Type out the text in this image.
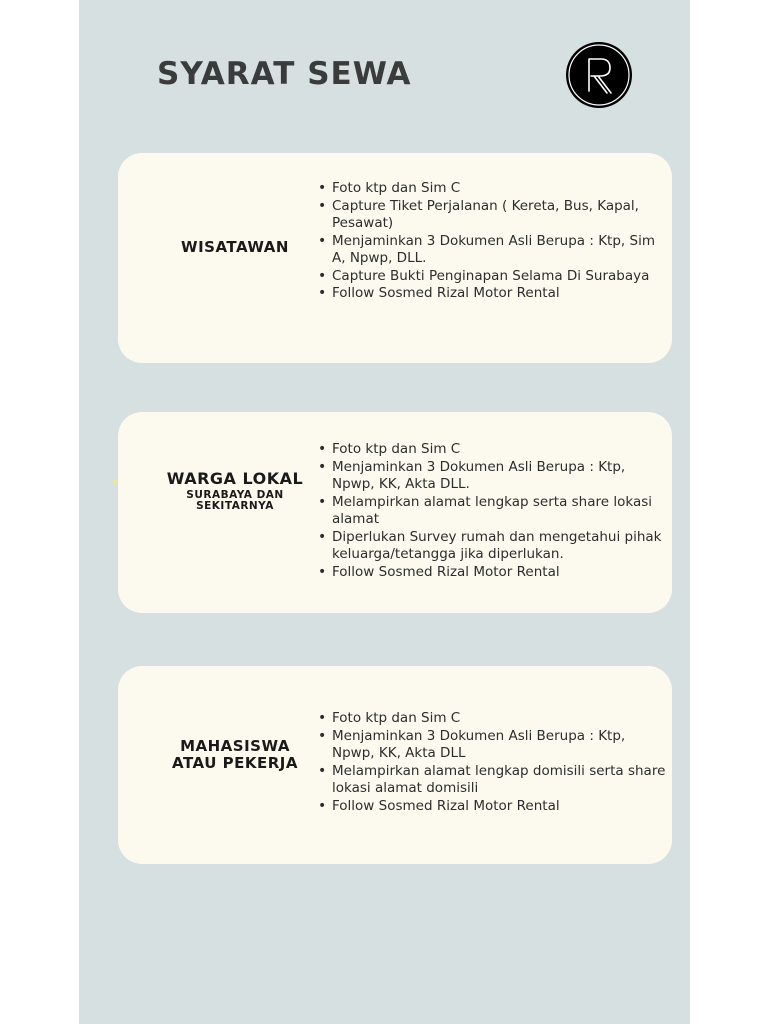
SYARAT SEWA
WISATAWAN
• Foto ktp dan Sim C
• Capture Tiket Perjalanan ( Kereta, Bus, Kapal, Pesawat)
• Menjaminkan 3 Dokumen Asli Berupa : Ktp, Sim A, Npwp, DLL.
• Capture Bukti Penginapan Selama Di Surabaya
• Follow Sosmed Rizal Motor Rental
WARGA LOKAL
SURABAYA DAN SEKITARNYA
• Foto ktp dan Sim C
• Menjaminkan 3 Dokumen Asli Berupa : Ktp, Npwp, KK, Akta DLL.
• Melampirkan alamat lengkap serta share lokasi alamat
• Diperlukan Survey rumah dan mengetahui pihak keluarga/tetangga jika diperlukan.
• Follow Sosmed Rizal Motor Rental
MAHASISWA ATAU PEKERJA
• Foto ktp dan Sim C
• Menjaminkan 3 Dokumen Asli Berupa : Ktp, Npwp, KK, Akta DLL
• Melampirkan alamat lengkap domisili serta share lokasi alamat domisili
• Follow Sosmed Rizal Motor Rental
